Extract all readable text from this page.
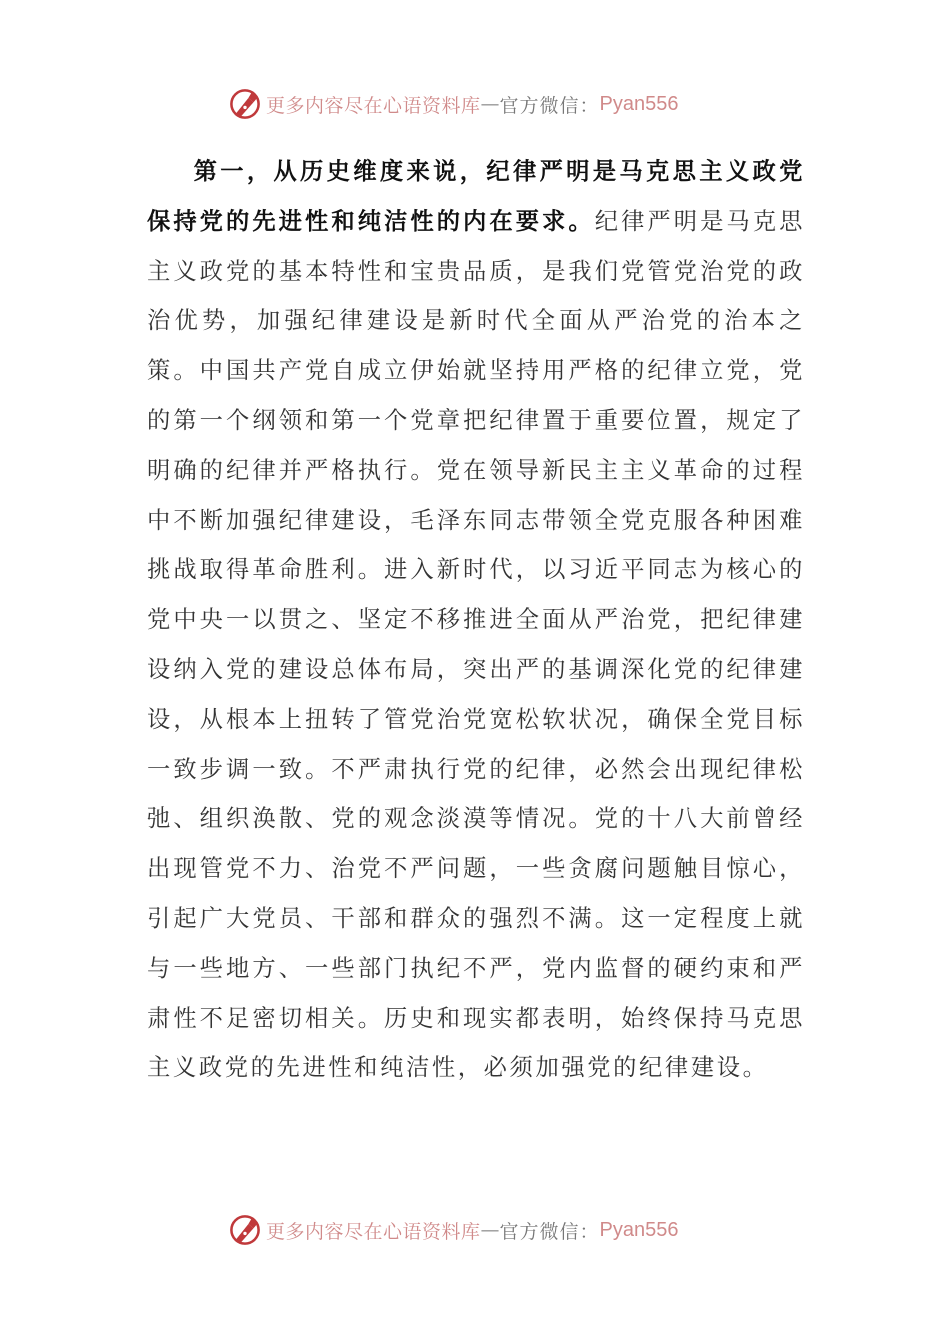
更多内容尽在心语资料库 — 官方微信： Pyan556

第一，从历史维度来说，纪律严明是马克思主义政党保持党的先进性和纯洁性的内在要求。纪律严明是马克思主义政党的基本特性和宝贵品质，是我们党管党治党的政治优势，加强纪律建设是新时代全面从严治党的治本之策。中国共产党自成立伊始就坚持用严格的纪律立党，党的第一个纲领和第一个党章把纪律置于重要位置，规定了明确的纪律并严格执行。党在领导新民主主义革命的过程中不断加强纪律建设，毛泽东同志带领全党克服各种困难挑战取得革命胜利。进入新时代，以习近平同志为核心的党中央一以贯之、坚定不移推进全面从严治党，把纪律建设纳入党的建设总体布局，突出严的基调深化党的纪律建设，从根本上扭转了管党治党宽松软状况，确保全党目标一致步调一致。不严肃执行党的纪律，必然会出现纪律松弛、组织涣散、党的观念淡漠等情况。党的十八大前曾经出现管党不力、治党不严问题，一些贪腐问题触目惊心，引起广大党员、干部和群众的强烈不满。这一定程度上就与一些地方、一些部门执纪不严，党内监督的硬约束和严肃性不足密切相关。历史和现实都表明，始终保持马克思主义政党的先进性和纯洁性，必须加强党的纪律建设。

更多内容尽在心语资料库 — 官方微信： Pyan556
